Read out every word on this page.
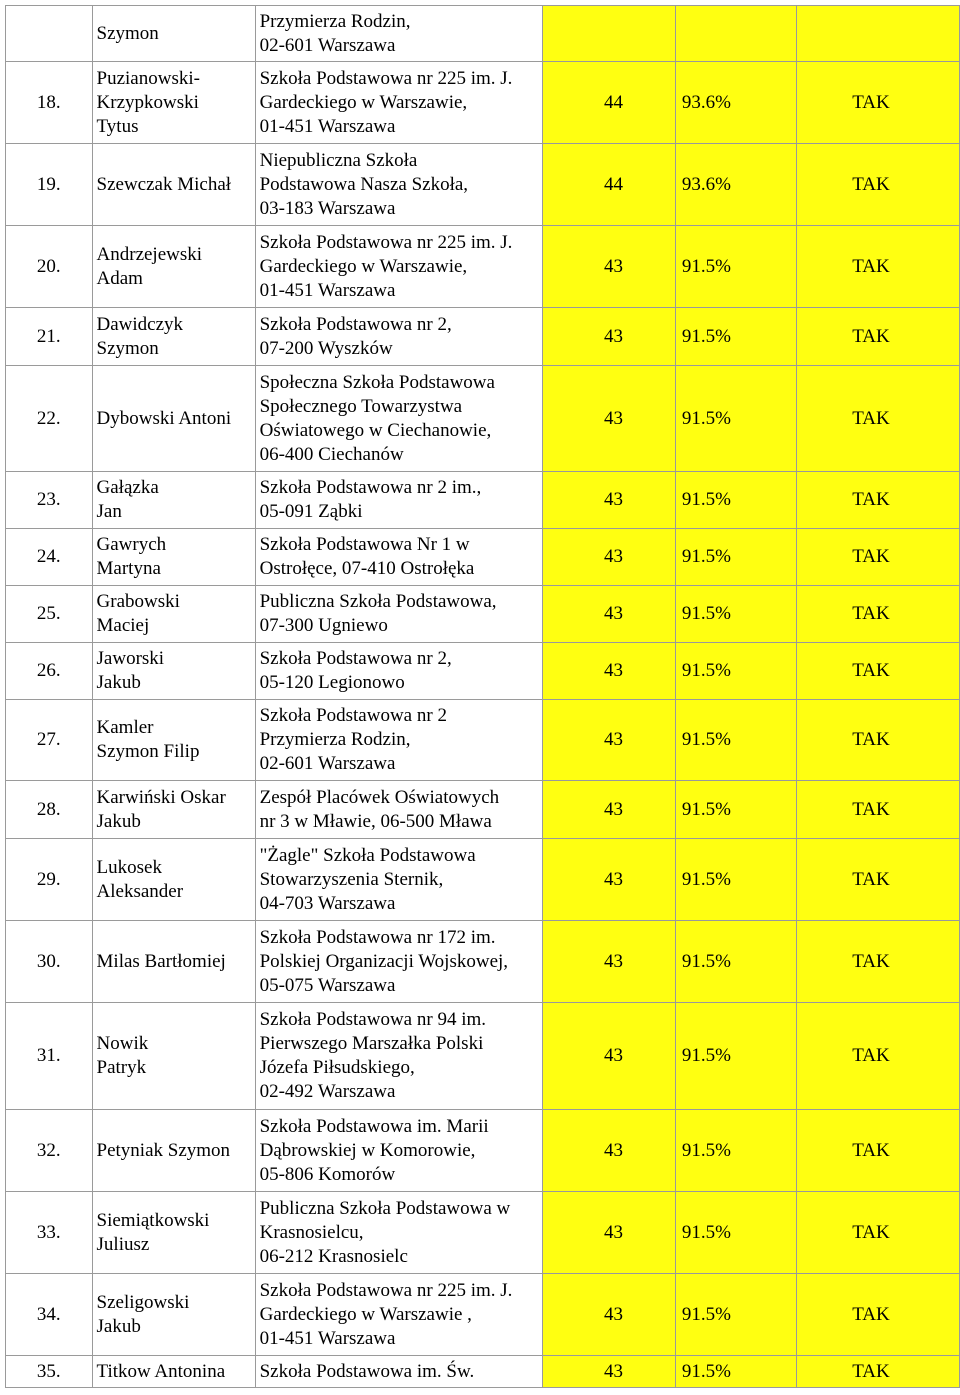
	Szymon	Przymierza Rodzin,
02-601 Warszawa			

18.	Puzianowski-
Krzypkowski
Tytus	Szkoła Podstawowa nr 225 im. J.
Gardeckiego w Warszawie,
01-451 Warszawa	44	93.6%	TAK
19.	Szewczak Michał	Niepubliczna Szkoła
Podstawowa Nasza Szkoła,
03-183 Warszawa	44	93.6%	TAK
20.	Andrzejewski
Adam	Szkoła Podstawowa nr 225 im. J.
Gardeckiego w Warszawie,
01-451 Warszawa	43	91.5%	TAK
21.	Dawidczyk
Szymon	Szkoła Podstawowa nr 2,
07-200 Wyszków	43	91.5%	TAK
22.	Dybowski Antoni	Społeczna Szkoła Podstawowa
Społecznego Towarzystwa
Oświatowego w Ciechanowie,
06-400 Ciechanów	43	91.5%	TAK
23.	Gałązka
Jan	Szkoła Podstawowa nr 2 im.,
05-091 Ząbki	43	91.5%	TAK
24.	Gawrych
Martyna	Szkoła Podstawowa Nr 1 w
Ostrołęce, 07-410 Ostrołęka	43	91.5%	TAK
25.	Grabowski
Maciej	Publiczna Szkoła Podstawowa,
07-300 Ugniewo	43	91.5%	TAK
26.	Jaworski
Jakub	Szkoła Podstawowa nr 2,
05-120 Legionowo	43	91.5%	TAK
27.	Kamler
Szymon Filip	Szkoła Podstawowa nr 2
Przymierza Rodzin,
02-601 Warszawa	43	91.5%	TAK
28.	Karwiński Oskar
Jakub	Zespół Placówek Oświatowych
nr 3 w Mławie, 06-500 Mława	43	91.5%	TAK
29.	Lukosek
Aleksander	"Żagle" Szkoła Podstawowa
Stowarzyszenia Sternik,
04-703 Warszawa	43	91.5%	TAK
30.	Milas Bartłomiej	Szkoła Podstawowa nr 172 im.
Polskiej Organizacji Wojskowej,
05-075 Warszawa	43	91.5%	TAK
31.	Nowik
Patryk	Szkoła Podstawowa nr 94 im.
Pierwszego Marszałka Polski
Józefa Piłsudskiego,
02-492 Warszawa	43	91.5%	TAK
32.	Petyniak Szymon	Szkoła Podstawowa im. Marii
Dąbrowskiej w Komorowie,
05-806 Komorów	43	91.5%	TAK
33.	Siemiątkowski
Juliusz	Publiczna Szkoła Podstawowa w
Krasnosielcu,
06-212 Krasnosielc	43	91.5%	TAK
34.	Szeligowski
Jakub	Szkoła Podstawowa nr 225 im. J.
Gardeckiego w Warszawie ,
01-451 Warszawa	43	91.5%	TAK
35.	Titkow Antonina	Szkoła Podstawowa im. Św.	43	91.5%	TAK
